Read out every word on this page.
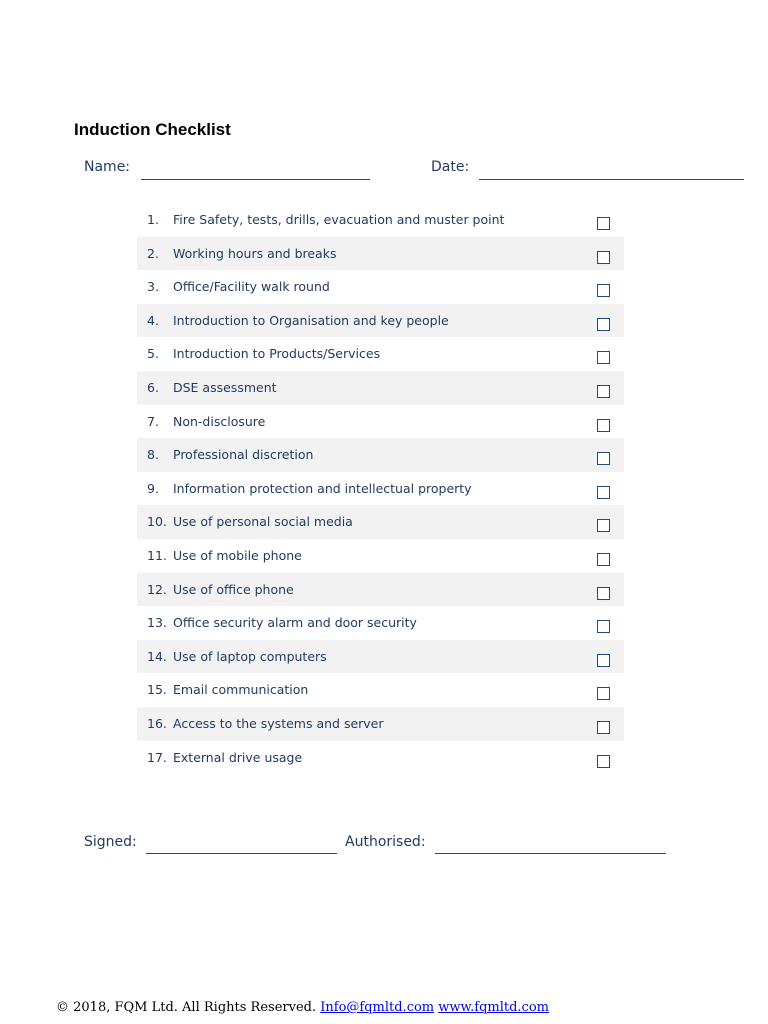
Induction Checklist
Name:	Date:
1. Fire Safety, tests, drills, evacuation and muster point
2. Working hours and breaks
3. Office/Facility walk round
4. Introduction to Organisation and key people
5. Introduction to Products/Services
6. DSE assessment
7. Non-disclosure
8. Professional discretion
9. Information protection and intellectual property
10. Use of personal social media
11. Use of mobile phone
12. Use of office phone
13. Office security alarm and door security
14. Use of laptop computers
15. Email communication
16. Access to the systems and server
17. External drive usage
Signed:	Authorised:
© 2018, FQM Ltd. All Rights Reserved. Info@fqmltd.com www.fqmltd.com
